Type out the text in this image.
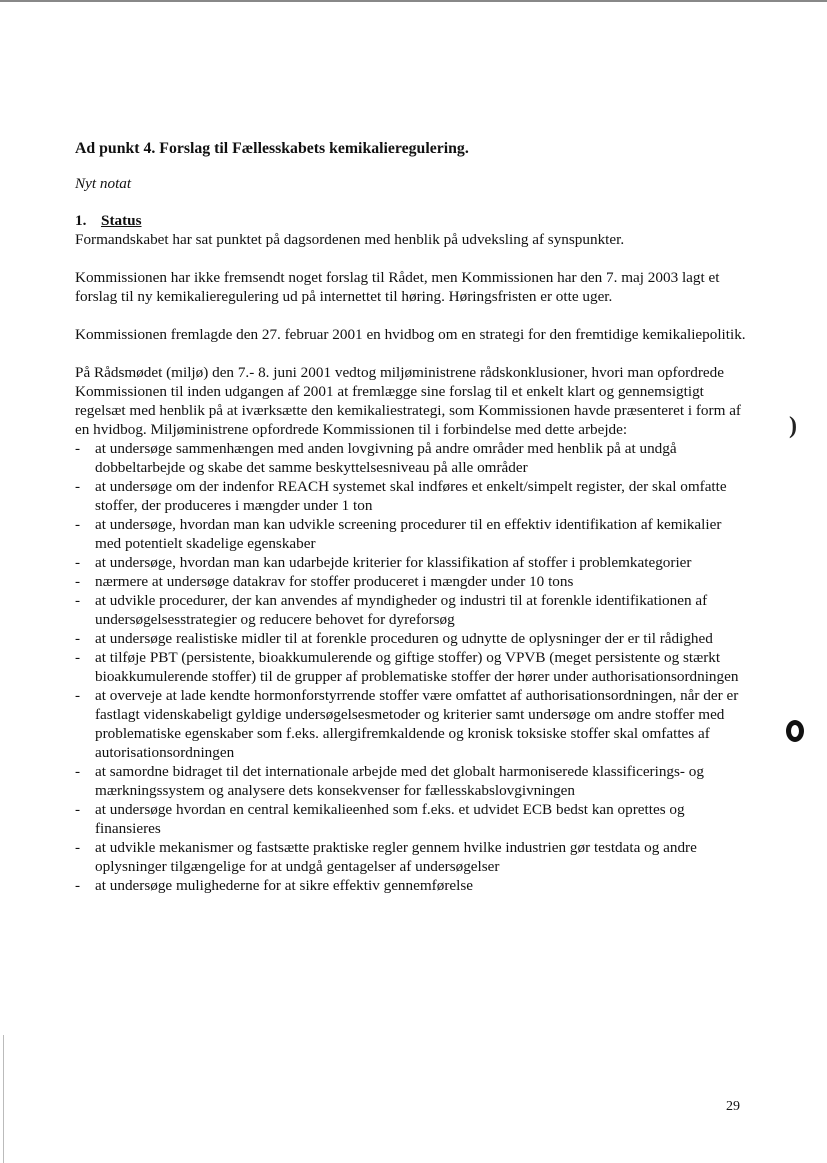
Ad punkt 4. Forslag til Fællesskabets kemikalieregulering.

Nyt notat

1. Status

Formandskabet har sat punktet på dagsordenen med henblik på udveksling af synspunkter.

Kommissionen har ikke fremsendt noget forslag til Rådet, men Kommissionen har den 7. maj 2003 lagt et forslag til ny kemikalieregulering ud på internettet til høring. Høringsfristen er otte uger.

Kommissionen fremlagde den 27. februar 2001 en hvidbog om en strategi for den fremtidige kemikaliepolitik.

På Rådsmødet (miljø) den 7.- 8. juni 2001 vedtog miljøministrene rådskonklusioner, hvori man opfordrede Kommissionen til inden udgangen af 2001 at fremlægge sine forslag til et enkelt klart og gennemsigtigt regelsæt med henblik på at iværksætte den kemikaliestrategi, som Kommissionen havde præsenteret i form af en hvidbog. Miljøministrene opfordrede Kommissionen til i forbindelse med dette arbejde:

- at undersøge sammenhængen med anden lovgivning på andre områder med henblik på at undgå dobbeltarbejde og skabe det samme beskyttelsesniveau på alle områder
- at undersøge om der indenfor REACH systemet skal indføres et enkelt/simpelt register, der skal omfatte stoffer, der produceres i mængder under 1 ton
- at undersøge, hvordan man kan udvikle screening procedurer til en effektiv identifikation af kemikalier med potentielt skadelige egenskaber
- at undersøge, hvordan man kan udarbejde kriterier for klassifikation af stoffer i problemkategorier
- nærmere at undersøge datakrav for stoffer produceret i mængder under 10 tons
- at udvikle procedurer, der kan anvendes af myndigheder og industri til at forenkle identifikationen af undersøgelsesstrategier og reducere behovet for dyreforsøg
- at undersøge realistiske midler til at forenkle proceduren og udnytte de oplysninger der er til rådighed
- at tilføje PBT (persistente, bioakkumulerende og giftige stoffer) og VPVB (meget persistente og stærkt bioakkumulerende stoffer) til de grupper af problematiske stoffer der hører under authorisationsordningen
- at overveje at lade kendte hormonforstyrrende stoffer være omfattet af authorisationsordningen, når der er fastlagt videnskabeligt gyldige undersøgelsesmetoder og kriterier samt undersøge om andre stoffer med problematiske egenskaber som f.eks. allergifremkaldende og kronisk toksiske stoffer skal omfattes af autorisationsordningen
- at samordne bidraget til det internationale arbejde med det globalt harmoniserede klassificerings- og mærkningssystem og analysere dets konsekvenser for fællesskabslovgivningen
- at undersøge hvordan en central kemikalieenhed som f.eks. et udvidet ECB bedst kan oprettes og finansieres
- at udvikle mekanismer og fastsætte praktiske regler gennem hvilke industrien gør testdata og andre oplysninger tilgængelige for at undgå gentagelser af undersøgelser
- at undersøge mulighederne for at sikre effektiv gennemførelse
)
29
